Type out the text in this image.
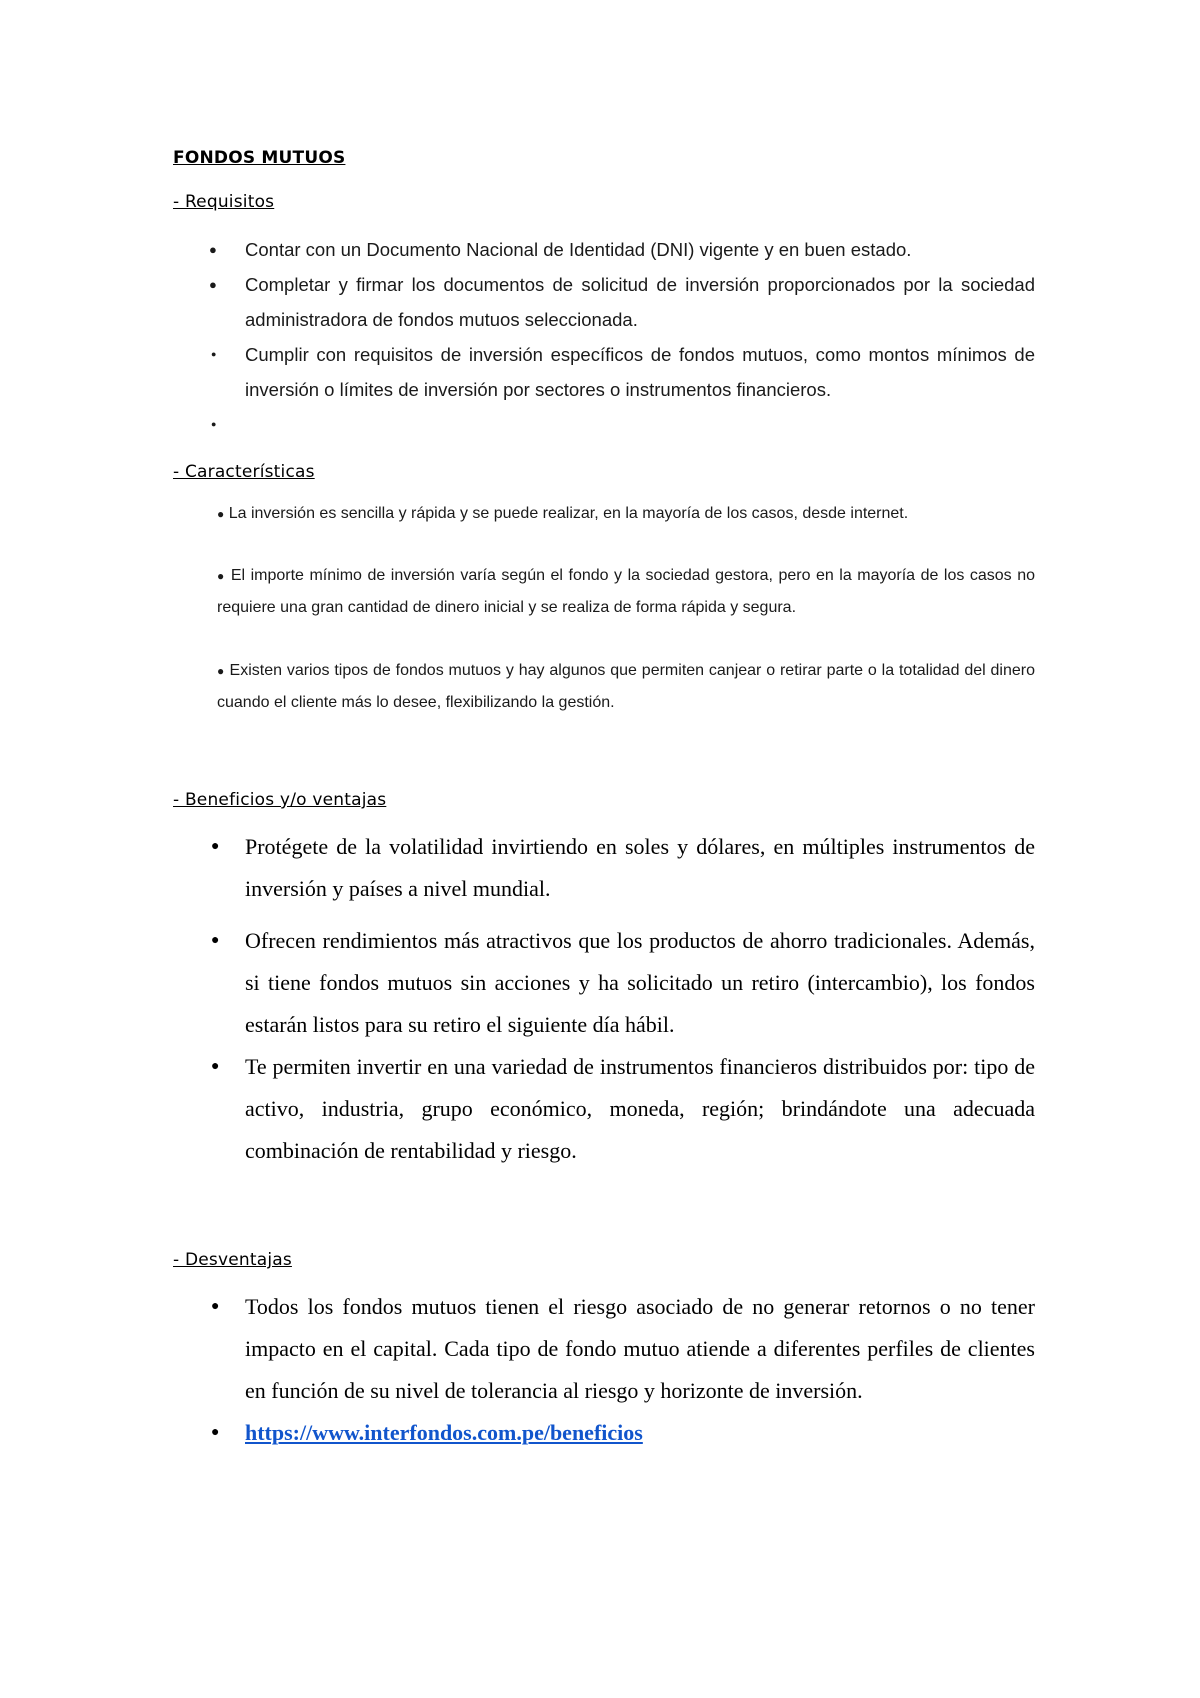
FONDOS MUTUOS
- Requisitos
● Contar con un Documento Nacional de Identidad (DNI) vigente y en buen estado.
● Completar y firmar los documentos de solicitud de inversión proporcionados por la sociedad administradora de fondos mutuos seleccionada.
● Cumplir con requisitos de inversión específicos de fondos mutuos, como montos mínimos de inversión o límites de inversión por sectores o instrumentos financieros.
●
- Características
● La inversión es sencilla y rápida y se puede realizar, en la mayoría de los casos, desde internet.
● El importe mínimo de inversión varía según el fondo y la sociedad gestora, pero en la mayoría de los casos no requiere una gran cantidad de dinero inicial y se realiza de forma rápida y segura.
● Existen varios tipos de fondos mutuos y hay algunos que permiten canjear o retirar parte o la totalidad del dinero cuando el cliente más lo desee, flexibilizando la gestión.
- Beneficios y/o ventajas
● Protégete de la volatilidad invirtiendo en soles y dólares, en múltiples instrumentos de inversión y países a nivel mundial.
● Ofrecen rendimientos más atractivos que los productos de ahorro tradicionales. Además, si tiene fondos mutuos sin acciones y ha solicitado un retiro (intercambio), los fondos estarán listos para su retiro el siguiente día hábil.
● Te permiten invertir en una variedad de instrumentos financieros distribuidos por: tipo de activo, industria, grupo económico, moneda, región; brindándote una adecuada combinación de rentabilidad y riesgo.
- Desventajas
● Todos los fondos mutuos tienen el riesgo asociado de no generar retornos o no tener impacto en el capital. Cada tipo de fondo mutuo atiende a diferentes perfiles de clientes en función de su nivel de tolerancia al riesgo y horizonte de inversión.
● https://www.interfondos.com.pe/beneficios
